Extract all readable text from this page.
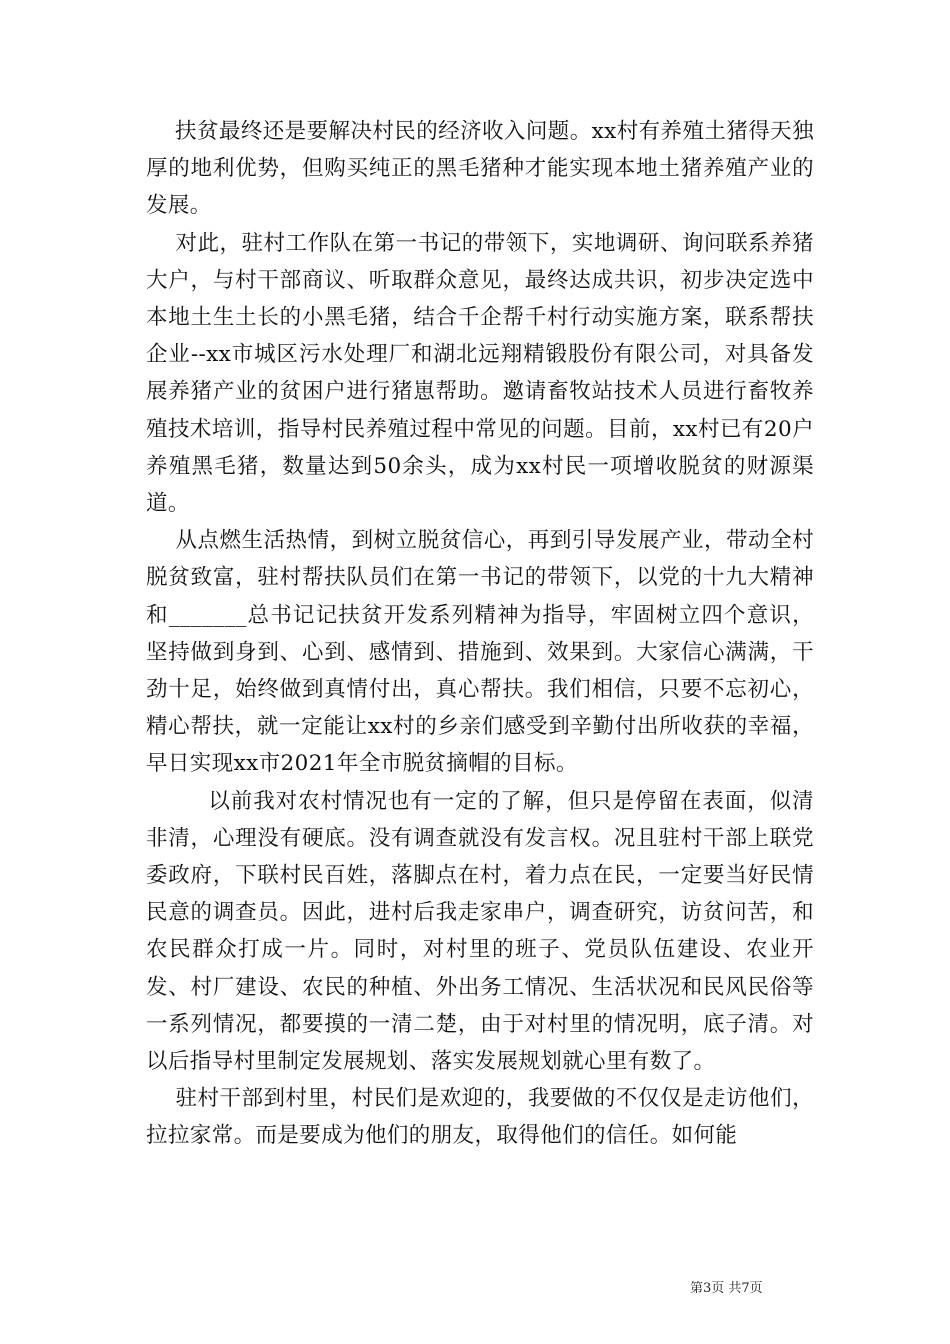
扶贫最终还是要解决村民的经济收入问题。xx村有养殖土猪得天独厚的地利优势，但购买纯正的黑毛猪种才能实现本地土猪养殖产业的发展。

对此，驻村工作队在第一书记的带领下，实地调研、询问联系养猪大户，与村干部商议、听取群众意见，最终达成共识，初步决定选中本地土生土长的小黑毛猪，结合千企帮千村行动实施方案，联系帮扶企业--xx市城区污水处理厂和湖北远翔精锻股份有限公司，对具备发展养猪产业的贫困户进行猪崽帮助。邀请畜牧站技术人员进行畜牧养殖技术培训，指导村民养殖过程中常见的问题。目前，xx村已有20户养殖黑毛猪，数量达到50余头，成为xx村民一项增收脱贫的财源渠道。

从点燃生活热情，到树立脱贫信心，再到引导发展产业，带动全村脱贫致富，驻村帮扶队员们在第一书记的带领下，以党的十九大精神和_______总书记记扶贫开发系列精神为指导，牢固树立四个意识，坚持做到身到、心到、感情到、措施到、效果到。大家信心满满，干劲十足，始终做到真情付出，真心帮扶。我们相信，只要不忘初心，精心帮扶，就一定能让xx村的乡亲们感受到辛勤付出所收获的幸福，早日实现xx市2021年全市脱贫摘帽的目标。

以前我对农村情况也有一定的了解，但只是停留在表面，似清非清，心理没有硬底。没有调查就没有发言权。况且驻村干部上联党委政府，下联村民百姓，落脚点在村，着力点在民，一定要当好民情民意的调查员。因此，进村后我走家串户，调查研究，访贫问苦，和农民群众打成一片。同时，对村里的班子、党员队伍建设、农业开发、村厂建设、农民的种植、外出务工情况、生活状况和民风民俗等一系列情况，都要摸的一清二楚，由于对村里的情况明，底子清。对以后指导村里制定发展规划、落实发展规划就心里有数了。

驻村干部到村里，村民们是欢迎的，我要做的不仅仅是走访他们，拉拉家常。而是要成为他们的朋友，取得他们的信任。如何能

第3页 共7页
